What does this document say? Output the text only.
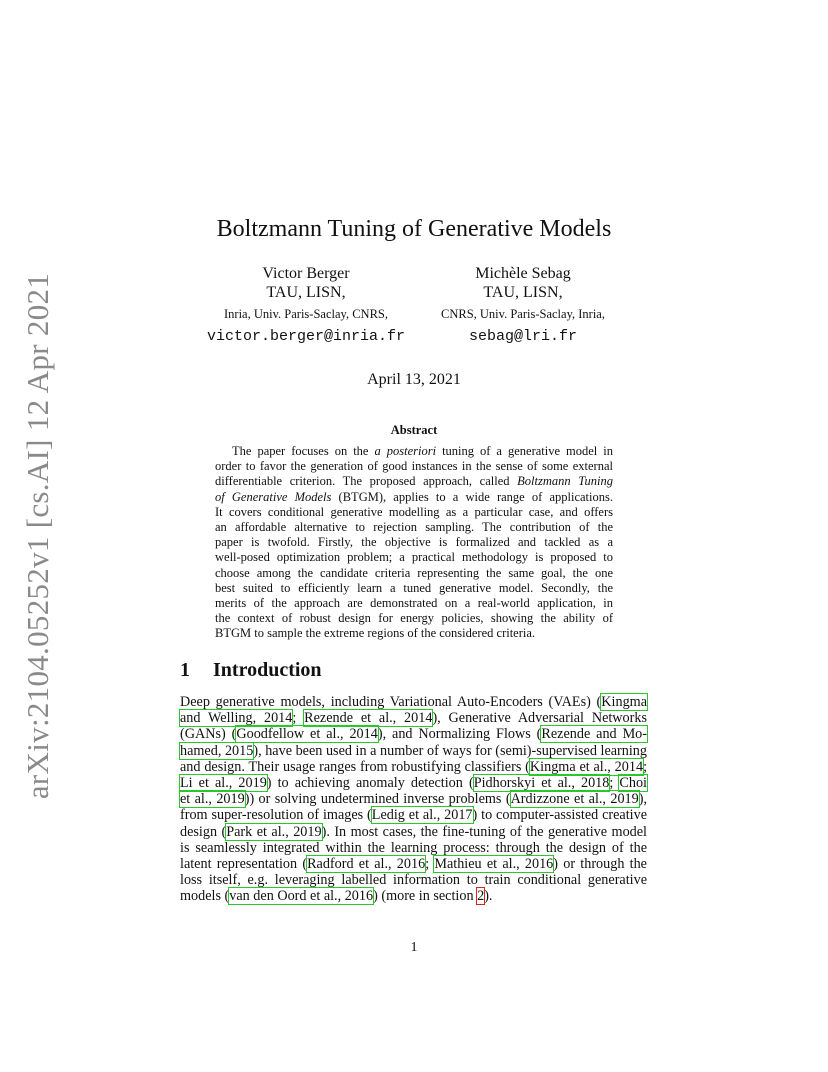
arXiv:2104.05252v1 [cs.AI] 12 Apr 2021
Boltzmann Tuning of Generative Models
Victor Berger
TAU, LISN,
Inria, Univ. Paris-Saclay, CNRS,
victor.berger@inria.fr
Michèle Sebag
TAU, LISN,
CNRS, Univ. Paris-Saclay, Inria,
sebag@lri.fr
April 13, 2021
Abstract
The paper focuses on the a posteriori tuning of a generative model in
order to favor the generation of good instances in the sense of some external
differentiable criterion. The proposed approach, called Boltzmann Tuning
of Generative Models (BTGM), applies to a wide range of applications.
It covers conditional generative modelling as a particular case, and offers
an affordable alternative to rejection sampling. The contribution of the
paper is twofold. Firstly, the objective is formalized and tackled as a
well-posed optimization problem; a practical methodology is proposed to
choose among the candidate criteria representing the same goal, the one
best suited to efficiently learn a tuned generative model. Secondly, the
merits of the approach are demonstrated on a real-world application, in
the context of robust design for energy policies, showing the ability of
BTGM to sample the extreme regions of the considered criteria.
1 Introduction
Deep generative models, including Variational Auto-Encoders (VAEs) (Kingma
and Welling, 2014; Rezende et al., 2014), Generative Adversarial Networks
(GANs) (Goodfellow et al., 2014), and Normalizing Flows (Rezende and Mo-
hamed, 2015), have been used in a number of ways for (semi)-supervised learning
and design. Their usage ranges from robustifying classifiers (Kingma et al., 2014;
Li et al., 2019) to achieving anomaly detection (Pidhorskyi et al., 2018; Choi
et al., 2019)) or solving undetermined inverse problems (Ardizzone et al., 2019),
from super-resolution of images (Ledig et al., 2017) to computer-assisted creative
design (Park et al., 2019). In most cases, the fine-tuning of the generative model
is seamlessly integrated within the learning process: through the design of the
latent representation (Radford et al., 2016; Mathieu et al., 2016) or through the
loss itself, e.g. leveraging labelled information to train conditional generative
models (van den Oord et al., 2016) (more in section 2).
1
